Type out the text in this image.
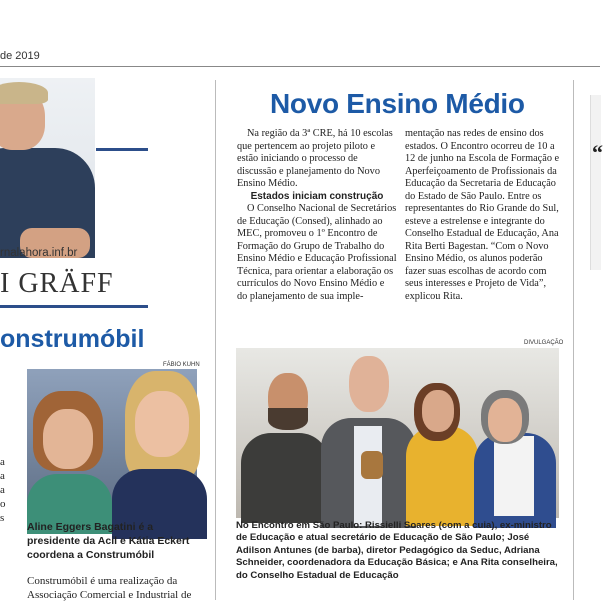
de 2019
rnalahora.inf.br
I GRÄFF
onstrumóbil
FÁBIO KUHN
a
a
a
o
s
Aline Eggers Bagatini é a presidente da Acil e Kátia Eckert coordena a Construmóbil
Construmóbil é uma realização da Associação Comercial e Industrial de
Novo Ensino Médio

Na região da 3ª CRE, há 10 escolas que pertencem ao projeto piloto e estão iniciando o processo de discussão e planejamento do Novo Ensino Médio.

Estados iniciam construção

O Conselho Nacional de Secretários de Educação (Consed), alinhado ao MEC, promoveu o 1º Encontro de Formação do Grupo de Trabalho do Ensino Médio e Educação Profissional Técnica, para orientar a elaboração os currículos do Novo Ensino Médio e do planejamento de sua imple-

mentação nas redes de ensino dos estados. O Encontro ocorreu de 10 a 12 de junho na Escola de Formação e Aperfeiçoamento de Profissionais da Educação da Secretaria de Educação do Estado de São Paulo. Entre os representantes do Rio Grande do Sul, esteve a estrelense e integrante do Conselho Estadual de Educação, Ana Rita Berti Bagestan. “Com o Novo Ensino Médio, os alunos poderão fazer suas escolhas de acordo com seus interesses e Projeto de Vida”, explicou Rita.

DIVULGAÇÃO
No Encontro em São Paulo: Rissielli Soares (com a cuia), ex-ministro de Educação e atual secretário de Educação de São Paulo; José Adilson Antunes (de barba), diretor Pedagógico da Seduc, Adriana Schneider, coordenadora da Educação Básica; e Ana Rita conselheira, do Conselho Estadual de Educação
“
